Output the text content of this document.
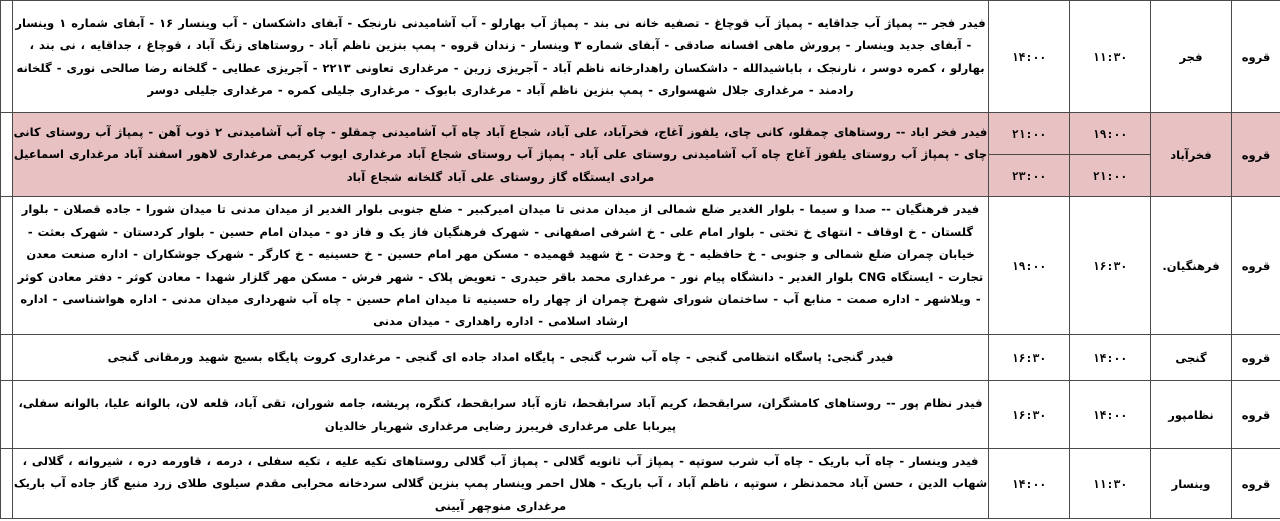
قروه	فجر	۱۱:۳۰	۱۴:۰۰	فیدر فجر -- پمپاژ آب جداقایه - پمپاژ آب قوچاغ - تصفیه خانه نی بند - پمپاژ آب بهارلو - آب آشامیدنی نارنجک - آبفای داشکسان - آب وینسار ۱۶ - آبفای شماره ۱ وینسار - آبفای جدید وینسار - پرورش ماهی افسانه صادقی - آبفای شماره ۳ وینسار - زندان قروه - پمپ بنزین ناظم آباد - روستاهای زنگ آباد ، قوچاغ ، جداقایه ، نی بند ، بهارلو ، کمره دوسر ، نارنجک ، باباشیدالله - داشکسان راهدارخانه ناظم آباد - آجریزی زرین - مرغداری تعاونی ۲۲۱۳ - آجریزی عطایی - گلخانه رضا صالحی نوری - گلخانه رادمند - مرغداری جلال شهسواری - پمپ بنزین ناظم آباد - مرغداری بابوک - مرغداری جلیلی کمره - مرغداری جلیلی دوسر	
قروه	فخرآباد	۱۹:۰۰	۲۱:۰۰	فیدر فخر اباد -- روستاهای چمقلو، کانی چای، یلفوز آغاج، فخرآباد، علی آباد، شجاع آباد چاه آب آشامیدنی چمقلو - چاه آب آشامیدنی ۲ ذوب آهن - پمپاژ آب روستای کانی چای - پمپاژ آب روستای یلفوز آغاج چاه آب آشامیدنی روستای علی آباد - پمپاژ آب روستای شجاع آباد مرغداری ایوب کریمی مرغداری لاهور اسفند آباد مرغداری اسماعیل مرادی ایستگاه گاز روستای علی آباد گلخانه شجاع آباد	
		۲۱:۰۰	۲۳:۰۰		
قروه	فرهنگیان.	۱۶:۳۰	۱۹:۰۰	فیدر فرهنگیان -- صدا و سیما - بلوار الغدیر ضلع شمالی از میدان مدنی تا میدان امیرکبیر - ضلع جنوبی بلوار الغدیر از میدان مدنی تا میدان شورا - جاده قصلان - بلوار گلستان - خ اوقاف - انتهای خ تختی - بلوار امام علی - خ اشرفی اصفهانی - شهرک فرهنگیان فاز یک و فاز دو - میدان امام حسین - بلوار کردستان - شهرک بعثت - خیابان چمران ضلع شمالی و جنوبی - خ حافظیه - خ وحدت - خ شهید قهمیده - مسکن مهر امام حسین - خ حسینیه - خ کارگر - شهرک جوشکاران - اداره صنعت معدن تجارت - ایستگاه CNG بلوار الغدیر - دانشگاه پیام نور - مرغداری محمد باقر حیدری - تعویض پلاک - شهر فرش - مسکن مهر گلزار شهدا - معادن کوثر - دفتر معادن کوثر - ویلاشهر - اداره صمت - منابع آب - ساختمان شورای شهرخ چمران از چهار راه حسینیه تا میدان امام حسین - چاه آب شهرداری میدان مدنی - اداره هواشناسی - اداره ارشاد اسلامی - اداره راهداری - میدان مدنی	
قروه	گنجی	۱۴:۰۰	۱۶:۳۰	فیدر گنجی: پاسگاه انتظامی گنجی - چاه آب شرب گنجی - پایگاه امداد جاده ای گنجی - مرغداری کروت پایگاه بسیج شهید ورمقانی گنجی	
قروه	نظامپور	۱۴:۰۰	۱۶:۳۰	فیدر نظام پور -- روستاهای کامشگران، سرابقحط، کریم آباد سرابقحط، تازه آباد سرابقحط، کنگره، پریشه، جامه شوران، تقی آباد، قلعه لان، بالوانه علیا، بالوانه سفلی، پیربابا علی مرغداری فریبرز رضایی مرغداری شهریار خالدیان	
قروه	وینسار	۱۱:۳۰	۱۴:۰۰	فیدر وینسار - چاه آب باریک - چاه آب شرب سوتپه - پمپاژ آب ثانویه گلالی - پمپاژ آب گلالی روستاهای تکیه علیه ، تکیه سفلی ، درمه ، قاورمه دره ، شیروانه ، گلالی ، شهاب الدین ، حسن آباد محمدنظر ، سوتپه ، ناظم آباد ، آب باریک - هلال احمر وینسار پمپ بنزین گلالی سردخانه محرابی مقدم سیلوی طلای زرد منبع گاز جاده آب باریک مرغداری منوچهر آیینی	
